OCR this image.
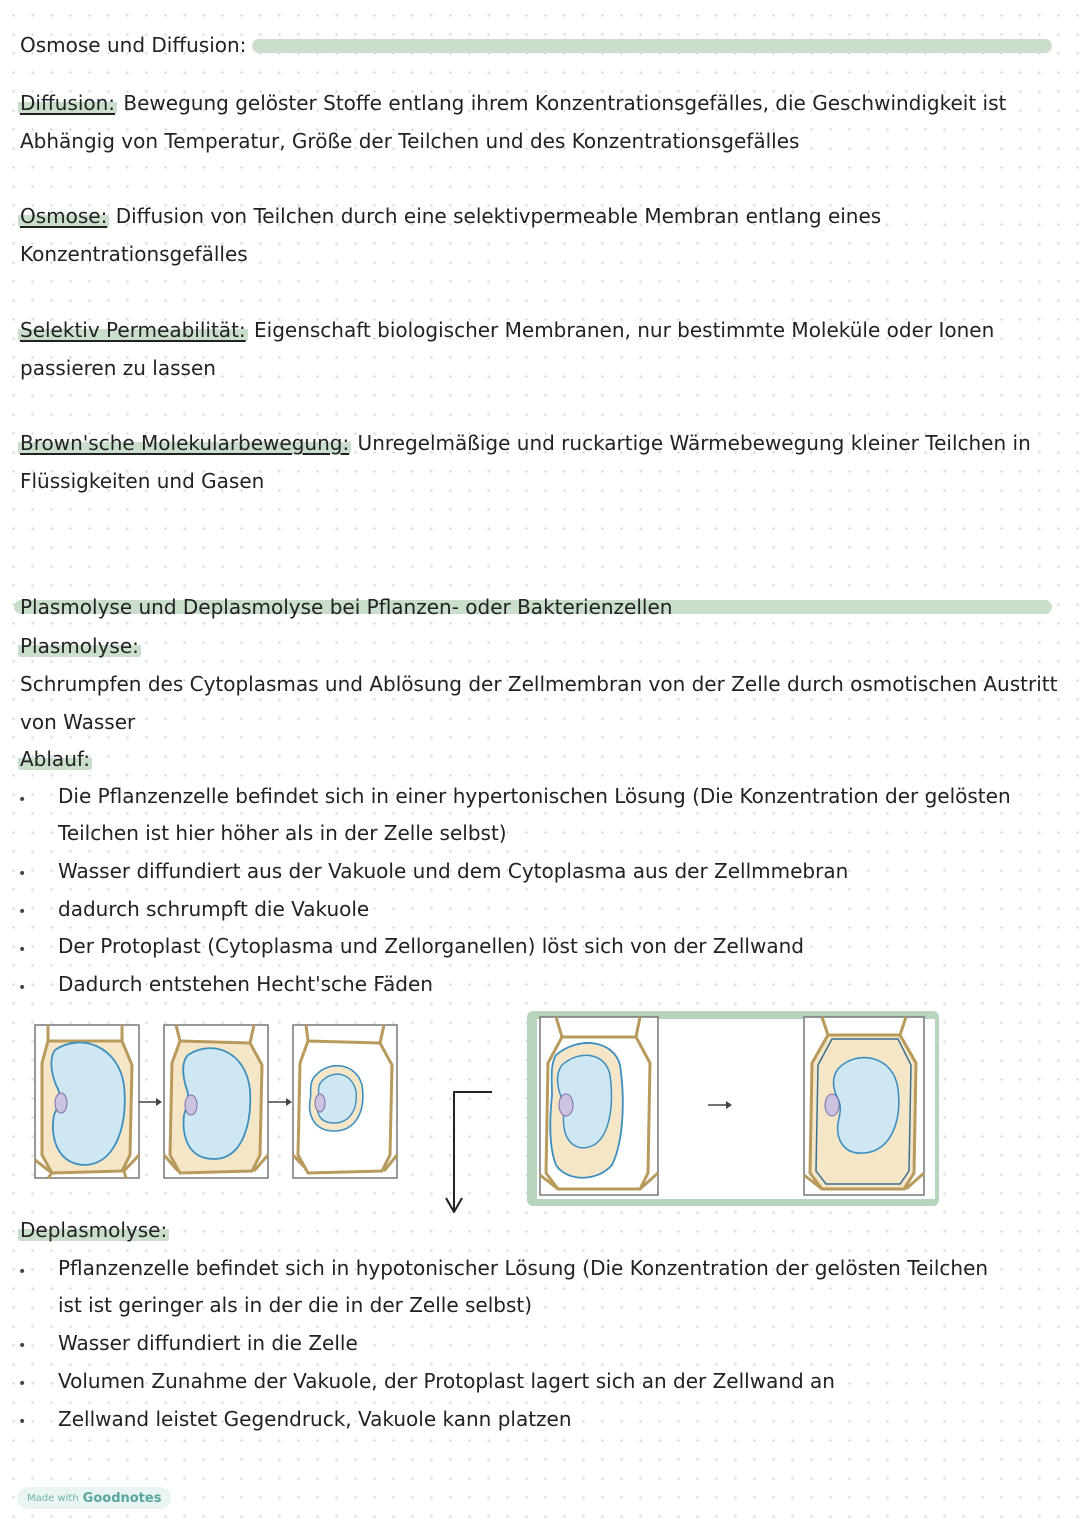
Osmose und Diffusion:
Diffusion: Bewegung gelöster Stoffe entlang ihrem Konzentrationsgefälles, die Geschwindigkeit ist
Abhängig von Temperatur, Größe der Teilchen und des Konzentrationsgefälles
Osmose: Diffusion von Teilchen durch eine selektivpermeable Membran entlang eines
Konzentrationsgefälles
Selektiv Permeabilität: Eigenschaft biologischer Membranen, nur bestimmte Moleküle oder Ionen
passieren zu lassen
Brown'sche Molekularbewegung: Unregelmäßige und ruckartige Wärmebewegung kleiner Teilchen in
Flüssigkeiten und Gasen
Plasmolyse und Deplasmolyse bei Pflanzen- oder Bakterienzellen
Plasmolyse:
Schrumpfen des Cytoplasmas und Ablösung der Zellmembran von der Zelle durch osmotischen Austritt
von Wasser
Ablauf:
• Die Pflanzenzelle befindet sich in einer hypertonischen Lösung (Die Konzentration der gelösten
Teilchen ist hier höher als in der Zelle selbst)
• Wasser diffundiert aus der Vakuole und dem Cytoplasma aus der Zellmmebran
• dadurch schrumpft die Vakuole
• Der Protoplast (Cytoplasma und Zellorganellen) löst sich von der Zellwand
• Dadurch entstehen Hecht'sche Fäden
Deplasmolyse:
• Pflanzenzelle befindet sich in hypotonischer Lösung (Die Konzentration der gelösten Teilchen
ist ist geringer als in der die in der Zelle selbst)
• Wasser diffundiert in die Zelle
• Volumen Zunahme der Vakuole, der Protoplast lagert sich an der Zellwand an
• Zellwand leistet Gegendruck, Vakuole kann platzen
Made with Goodnotes
